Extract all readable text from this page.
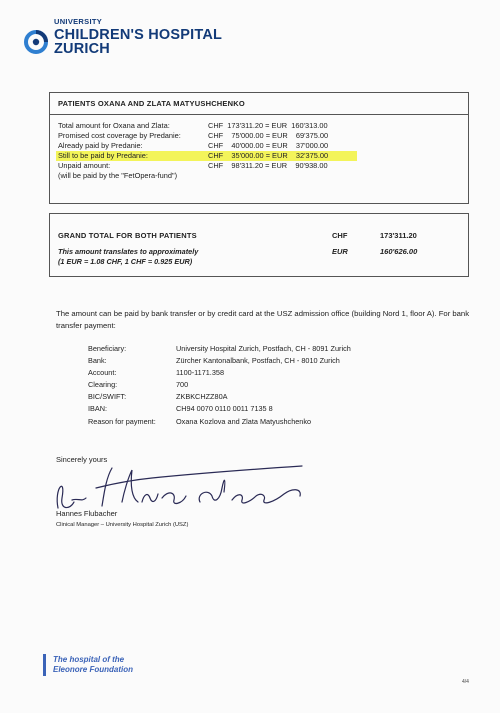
UNIVERSITY
CHILDREN'S HOSPITAL
ZURICH
PATIENTS OXANA AND ZLATA MATYUSHCHENKO
Total amount for Oxana and Zlata:	CHF  173'311.20 = EUR  160'313.00
Promised cost coverage by Predanie:	CHF    75'000.00 = EUR    69'375.00
Already paid by Predanie:	CHF    40'000.00 = EUR    37'000.00
Still to be paid by Predanie:	CHF    35'000.00 = EUR    32'375.00
Unpaid amount:	CHF    98'311.20 = EUR    90'938.00
(will be paid by the "FetOpera-fund")
GRAND TOTAL FOR BOTH PATIENTS	CHF	173'311.20
This amount translates to approximately
(1 EUR = 1.08 CHF, 1 CHF = 0.925 EUR)
EUR	160'626.00
The amount can be paid by bank transfer or by credit card at the USZ admission office (building Nord 1, floor A). For bank transfer payment:
Beneficiary:	University Hospital Zurich, Postfach, CH - 8091 Zurich
Bank:	Zürcher Kantonalbank, Postfach, CH - 8010 Zurich
Account:	1100-1171.358
Clearing:	700
BIC/SWIFT:	ZKBKCHZZ80A
IBAN:	CH94 0070 0110 0011 7135 8
Reason for payment:	Oxana Kozlova and Zlata Matyushchenko
Sincerely yours
Hannes Flubacher
Clinical Manager – University Hospital Zurich (USZ)
The hospital of the
Eleonore Foundation
4/4
